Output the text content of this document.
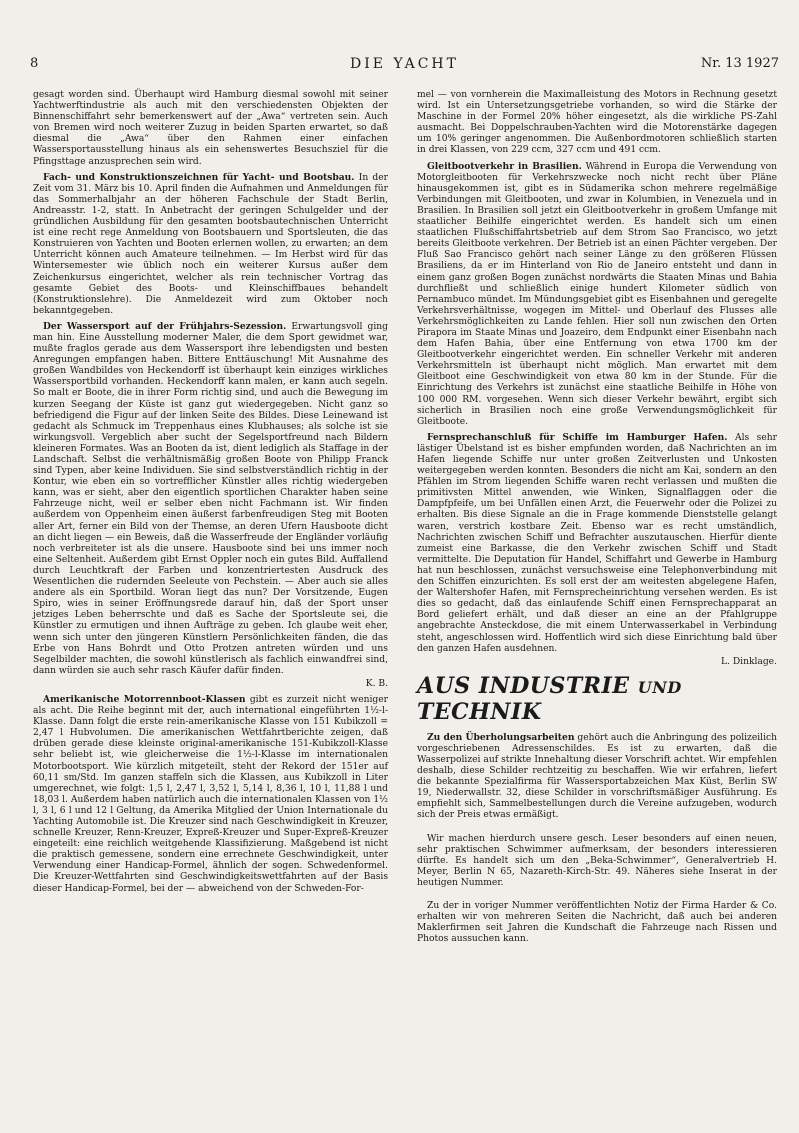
8	DIE YACHT	Nr. 13 1927

gesagt worden sind. Überhaupt wird Hamburg diesmal sowohl mit seiner Yachtwerftindustrie als auch mit den verschiedensten Objekten der Binnenschiffahrt sehr bemerkenswert auf der „Awa“ vertreten sein. Auch von Bremen wird noch weiterer Zuzug in beiden Sparten erwartet, so daß diesmal die „Awa“ über den Rahmen einer einfachen Wassersportausstellung hinaus als ein sehenswertes Besuchsziel für die Pfingsttage anzusprechen sein wird.

Fach- und Konstruktionszeichnen für Yacht- und Bootsbau. In der Zeit vom 31. März bis 10. April finden die Aufnahmen und Anmeldungen für das Sommerhalbjahr an der höheren Fachschule der Stadt Berlin, Andreasstr. 1-2, statt. In Anbetracht der geringen Schulgelder und der gründlichen Ausbildung für den gesamten bootsbautechnischen Unterricht ist eine recht rege Anmeldung von Bootsbauern und Sportsleuten, die das Konstruieren von Yachten und Booten erlernen wollen, zu erwarten; an dem Unterricht können auch Amateure teilnehmen. — Im Herbst wird für das Wintersemester wie üblich noch ein weiterer Kursus außer dem Zeichenkursus eingerichtet, welcher als rein technischer Vortrag das gesamte Gebiet des Boots- und Kleinschiffbaues behandelt (Konstruktionslehre). Die Anmeldezeit wird zum Oktober noch bekanntgegeben.

Der Wassersport auf der Frühjahrs-Sezession. Erwartungsvoll ging man hin. Eine Ausstellung moderner Maler, die dem Sport gewidmet war, mußte fraglos gerade aus dem Wassersport ihre lebendigsten und besten Anregungen empfangen haben. Bittere Enttäuschung! Mit Ausnahme des großen Wandbildes von Heckendorff ist überhaupt kein einziges wirkliches Wassersportbild vorhanden. Heckendorff kann malen, er kann auch segeln. So malt er Boote, die in ihrer Form richtig sind, und auch die Bewegung im kurzen Seegang der Küste ist ganz gut wiedergegeben. Nicht ganz so befriedigend die Figur auf der linken Seite des Bildes. Diese Leinewand ist gedacht als Schmuck im Treppenhaus eines Klubhauses; als solche ist sie wirkungsvoll. Vergeblich aber sucht der Segelsportfreund nach Bildern kleineren Formates. Was an Booten da ist, dient lediglich als Staffage in der Landschaft. Selbst die verhältnismäßig großen Boote von Philipp Franck sind Typen, aber keine Individuen. Sie sind selbstverständlich richtig in der Kontur, wie eben ein so vortrefflicher Künstler alles richtig wiedergeben kann, was er sieht, aber den eigentlich sportlichen Charakter haben seine Fahrzeuge nicht, weil er selber eben nicht Fachmann ist. Wir finden außerdem von Oppenheim einen äußerst farbenfreudigen Steg mit Booten aller Art, ferner ein Bild von der Themse, an deren Ufern Hausboote dicht an dicht liegen — ein Beweis, daß die Wasserfreude der Engländer vorläufig noch verbreiteter ist als die unsere. Hausboote sind bei uns immer noch eine Seltenheit. Außerdem gibt Ernst Oppler noch ein gutes Bild. Auffallend durch Leuchtkraft der Farben und konzentriertesten Ausdruck des Wesentlichen die rudernden Seeleute von Pechstein. — Aber auch sie alles andere als ein Sportbild. Woran liegt das nun? Der Vorsitzende, Eugen Spiro, wies in seiner Eröffnungsrede darauf hin, daß der Sport unser jetziges Leben beherrschte und daß es Sache der Sportsleute sei, die Künstler zu ermutigen und ihnen Aufträge zu geben. Ich glaube weit eher, wenn sich unter den jüngeren Künstlern Persönlichkeiten fänden, die das Erbe von Hans Bohrdt und Otto Protzen antreten würden und uns Segelbilder machten, die sowohl künstlerisch als fachlich einwandfrei sind, dann würden sie auch sehr rasch Käufer dafür finden.

K. B.

Amerikanische Motorrennboot-Klassen gibt es zurzeit nicht weniger als acht. Die Reihe beginnt mit der, auch international eingeführten 1½-l-Klasse. Dann folgt die erste rein-amerikanische Klasse von 151 Kubikzoll = 2,47 l Hubvolumen. Die amerikanischen Wettfahrtberichte zeigen, daß drüben gerade diese kleinste original-amerikanische 151-Kubikzoll-Klasse sehr beliebt ist, wie gleicherweise die 1½-l-Klasse im internationalen Motorbootsport. Wie kürzlich mitgeteilt, steht der Rekord der 151er auf 60,11 sm/Std. Im ganzen staffeln sich die Klassen, aus Kubikzoll in Liter umgerechnet, wie folgt: 1,5 l, 2,47 l, 3,52 l, 5,14 l, 8,36 l, 10 l, 11,88 l und 18,03 l. Außerdem haben natürlich auch die internationalen Klassen von 1½ l, 3 l, 6 l und 12 l Geltung, da Amerika Mitglied der Union Internationale du Yachting Automobile ist. Die Kreuzer sind nach Geschwindigkeit in Kreuzer, schnelle Kreuzer, Renn-Kreuzer, Expreß-Kreuzer und Super-Expreß-Kreuzer eingeteilt: eine reichlich weitgehende Klassifizierung. Maßgebend ist nicht die praktisch gemessene, sondern eine errechnete Geschwindigkeit, unter Verwendung einer Handicap-Formel, ähnlich der sogen. Schwedenformel. Die Kreuzer-Wettfahrten sind Geschwindigkeitswettfahrten auf der Basis dieser Handicap-Formel, bei der — abweichend von der Schweden-For-

mel — von vornherein die Maximalleistung des Motors in Rechnung gesetzt wird. Ist ein Untersetzungsgetriebe vorhanden, so wird die Stärke der Maschine in der Formel 20% höher eingesetzt, als die wirkliche PS-Zahl ausmacht. Bei Doppelschrauben-Yachten wird die Motorenstärke dagegen um 10% geringer angenommen. Die Außenbordmotoren schließlich starten in drei Klassen, von 229 ccm, 327 ccm und 491 ccm.

Gleitbootverkehr in Brasilien. Während in Europa die Verwendung von Motorgleitbooten für Verkehrszwecke noch nicht recht über Pläne hinausgekommen ist, gibt es in Südamerika schon mehrere regelmäßige Verbindungen mit Gleitbooten, und zwar in Kolumbien, in Venezuela und in Brasilien. In Brasilien soll jetzt ein Gleitbootverkehr in großem Umfange mit staatlicher Beihilfe eingerichtet werden. Es handelt sich um einen staatlichen Flußschiffahrtsbetrieb auf dem Strom Sao Francisco, wo jetzt bereits Gleitboote verkehren. Der Betrieb ist an einen Pächter vergeben. Der Fluß Sao Francisco gehört nach seiner Länge zu den größeren Flüssen Brasiliens, da er im Hinterland von Rio de Janeiro entsteht und dann in einem ganz großen Bogen zunächst nordwärts die Staaten Minas und Bahia durchfließt und schließlich einige hundert Kilometer südlich von Pernambuco mündet. Im Mündungsgebiet gibt es Eisenbahnen und geregelte Verkehrsverhältnisse, wogegen im Mittel- und Oberlauf des Flusses alle Verkehrsmöglichkeiten zu Lande fehlen. Hier soll nun zwischen den Orten Pirapora im Staate Minas und Joazeiro, dem Endpunkt einer Eisenbahn nach dem Hafen Bahia, über eine Entfernung von etwa 1700 km der Gleitbootverkehr eingerichtet werden. Ein schneller Verkehr mit anderen Verkehrsmitteln ist überhaupt nicht möglich. Man erwartet mit dem Gleitboot eine Geschwindigkeit von etwa 80 km in der Stunde. Für die Einrichtung des Verkehrs ist zunächst eine staatliche Beihilfe in Höhe von 100 000 RM. vorgesehen. Wenn sich dieser Verkehr bewährt, ergibt sich sicherlich in Brasilien noch eine große Verwendungsmöglichkeit für Gleitboote.

Fernsprechanschluß für Schiffe im Hamburger Hafen. Als sehr lästiger Übelstand ist es bisher empfunden worden, daß Nachrichten an im Hafen liegende Schiffe nur unter großen Zeitverlusten und Unkosten weitergegeben werden konnten. Besonders die nicht am Kai, sondern an den Pfählen im Strom liegenden Schiffe waren recht verlassen und mußten die primitivsten Mittel anwenden, wie Winken, Signalflaggen oder die Dampfpfeife, um bei Unfällen einen Arzt, die Feuerwehr oder die Polizei zu erhalten. Bis diese Signale an die in Frage kommende Dienststelle gelangt waren, verstrich kostbare Zeit. Ebenso war es recht umständlich, Nachrichten zwischen Schiff und Befrachter auszutauschen. Hierfür diente zumeist eine Barkasse, die den Verkehr zwischen Schiff und Stadt vermittelte. Die Deputation für Handel, Schiffahrt und Gewerbe in Hamburg hat nun beschlossen, zunächst versuchsweise eine Telephonverbindung mit den Schiffen einzurichten. Es soll erst der am weitesten abgelegene Hafen, der Waltershofer Hafen, mit Fernsprecheinrichtung versehen werden. Es ist dies so gedacht, daß das einlaufende Schiff einen Fernsprechapparat an Bord geliefert erhält, und daß dieser an eine an der Pfahlgruppe angebrachte Ansteckdose, die mit einem Unterwasserkabel in Verbindung steht, angeschlossen wird. Hoffentlich wird sich diese Einrichtung bald über den ganzen Hafen ausdehnen.

L. Dinklage.

AUS INDUSTRIE UND TECHNIK

Zu den Überholungsarbeiten gehört auch die Anbringung des polizeilich vorgeschriebenen Adressenschildes. Es ist zu erwarten, daß die Wasserpolizei auf strikte Innehaltung dieser Vorschrift achtet. Wir empfehlen deshalb, diese Schilder rechtzeitig zu beschaffen. Wie wir erfahren, liefert die bekannte Spezialfirma für Wassersportabzeichen Max Küst, Berlin SW 19, Niederwallstr. 32, diese Schilder in vorschriftsmäßiger Ausführung. Es empfiehlt sich, Sammelbestellungen durch die Vereine aufzugeben, wodurch sich der Preis etwas ermäßigt.

Wir machen hierdurch unsere gesch. Leser besonders auf einen neuen, sehr praktischen Schwimmer aufmerksam, der besonders interessieren dürfte. Es handelt sich um den „Beka-Schwimmer“, Generalvertrieb H. Meyer, Berlin N 65, Nazareth-Kirch-Str. 49. Näheres siehe Inserat in der heutigen Nummer.

Zu der in voriger Nummer veröffentlichten Notiz der Firma Harder & Co. erhalten wir von mehreren Seiten die Nachricht, daß auch bei anderen Maklerfirmen seit Jahren die Kundschaft die Fahrzeuge nach Rissen und Photos aussuchen kann.
